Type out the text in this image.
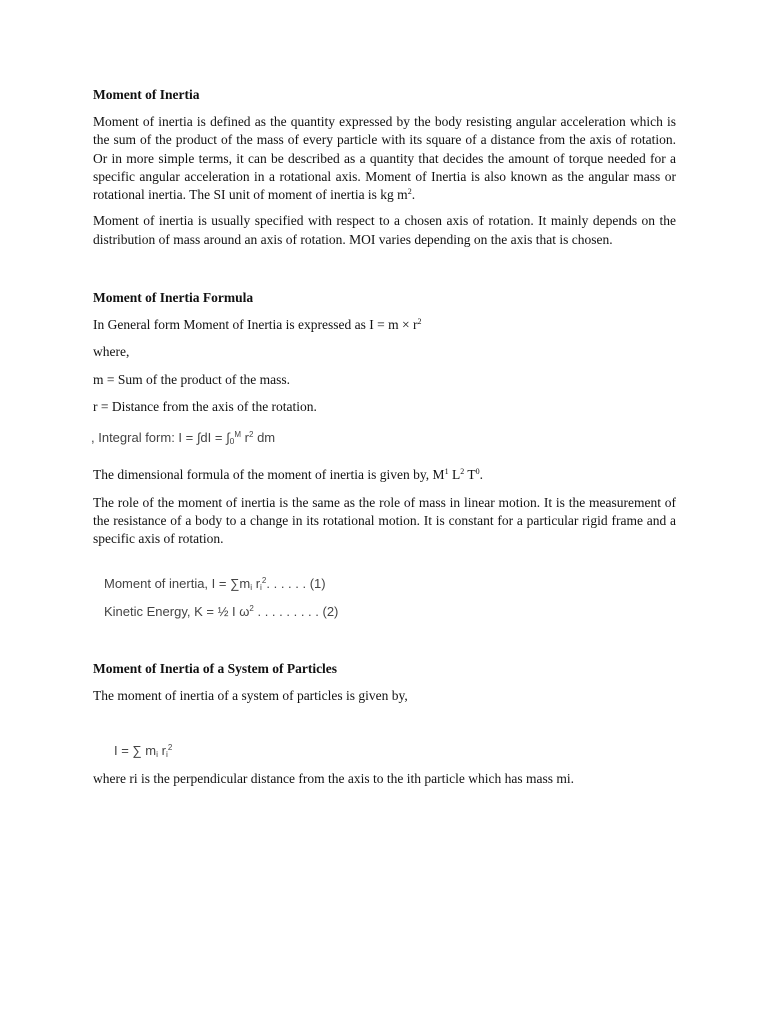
Moment of Inertia

Moment of inertia is defined as the quantity expressed by the body resisting angular acceleration which is the sum of the product of the mass of every particle with its square of a distance from the axis of rotation. Or in more simple terms, it can be described as a quantity that decides the amount of torque needed for a specific angular acceleration in a rotational axis. Moment of Inertia is also known as the angular mass or rotational inertia. The SI unit of moment of inertia is kg $m^2$.

Moment of inertia is usually specified with respect to a chosen axis of rotation. It mainly depends on the distribution of mass around an axis of rotation. MOI varies depending on the axis that is chosen.

Moment of Inertia Formula

In General form Moment of Inertia is expressed as $I = m \times r^2$

where,

m = Sum of the product of the mass.

r = Distance from the axis of the rotation.

, Integral form: $I = \int dI = \int_0^M$ $r^2$ dm

The dimensional formula of the moment of inertia is given by, $M^1$ $L^2$ $T^0$.

The role of the moment of inertia is the same as the role of mass in linear motion. It is the measurement of the resistance of a body to a change in its rotational motion. It is constant for a particular rigid frame and a specific axis of rotation.

Moment of inertia, $I = \sum m_i$ $r_i^2$. . . . . . (1)
Kinetic Energy, K = ½ I $\omega^2$ . . . . . . . . . (2)
Moment of Inertia of a System of Particles

The moment of inertia of a system of particles is given by,

I = ∑ $m_i$ $r_i^2$

where ri is the perpendicular distance from the axis to the ith particle which has mass mi.
